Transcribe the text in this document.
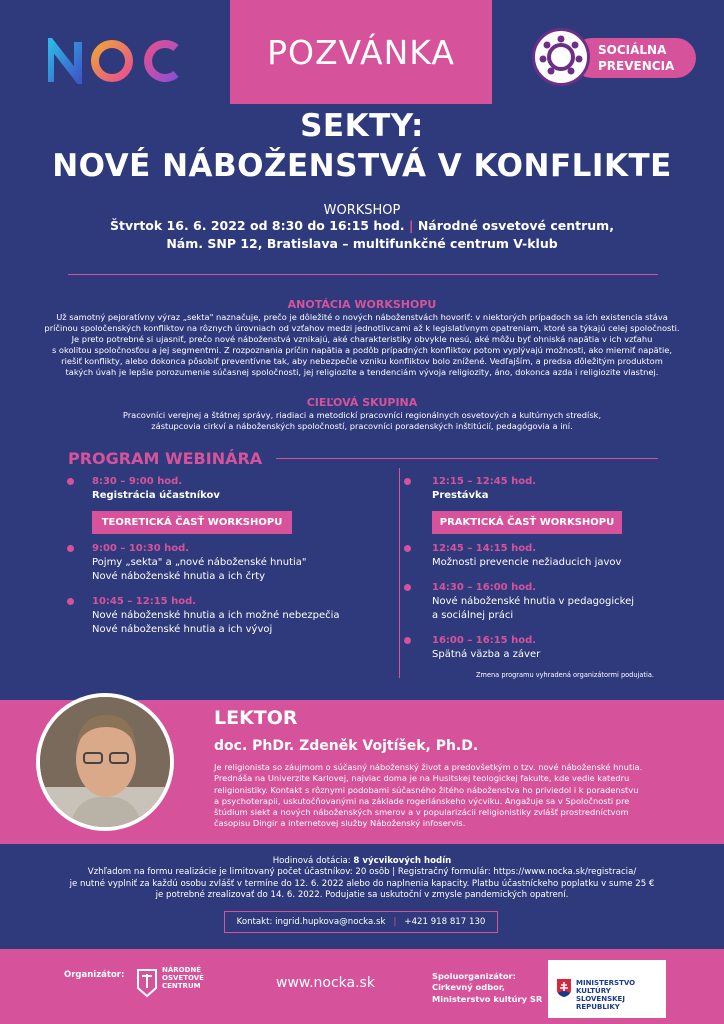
POZVÁNKA	SOCIÁLNA
PREVENCIA
SEKTY:
NOVÉ NÁBOŽENSTVÁ V KONFLIKTE
WORKSHOP
Štvrtok 16. 6. 2022 od 8:30 do 16:15 hod. | Národné osvetové centrum,
Nám. SNP 12, Bratislava – multifunkčné centrum V-klub
ANOTÁCIA WORKSHOPU
Už samotný pejoratívny výraz „sekta" naznačuje, prečo je dôležité o nových náboženstvách hovoriť: v niektorých prípadoch sa ich existencia stáva
príčinou spoločenských konfliktov na rôznych úrovniach od vzťahov medzi jednotlivcami až k legislatívnym opatreniam, ktoré sa týkajú celej spoločnosti.
Je preto potrebné si ujasniť, prečo nové náboženstvá vznikajú, aké charakteristiky obvykle nesú, aké môžu byť ohniská napätia v ich vzťahu
s okolitou spoločnosťou a jej segmentmi. Z rozpoznania príčin napätia a podôb prípadných konfliktov potom vyplývajú možnosti, ako mierniť napätie,
riešiť konflikty, alebo dokonca pôsobiť preventívne tak, aby nebezpečie vzniku konfliktov bolo znížené. Vedľajším, a predsa dôležitým produktom
takých úvah je lepšie porozumenie súčasnej spoločnosti, jej religiozite a tendenciám vývoja religiozity, áno, dokonca azda i religiozite vlastnej.
CIEĽOVÁ SKUPINA
Pracovníci verejnej a štátnej správy, riadiaci a metodickí pracovníci regionálnych osvetových a kultúrnych stredísk,
zástupcovia cirkví a náboženských spoločností, pracovníci poradenských inštitúcií, pedagógovia a iní.
PROGRAM WEBINÁRA
8:30 – 9:00 hod.
Registrácia účastníkov
TEORETICKÁ ČASŤ WORKSHOPU
9:00 – 10:30 hod.
Pojmy „sekta" a „nové náboženské hnutia"
Nové náboženské hnutia a ich črty
10:45 – 12:15 hod.
Nové náboženské hnutia a ich možné nebezpečia
Nové náboženské hnutia a ich vývoj
12:15 – 12:45 hod.
Prestávka
PRAKTICKÁ ČASŤ WORKSHOPU
12:45 – 14:15 hod.
Možnosti prevencie nežiaducich javov
14:30 – 16:00 hod.
Nové náboženské hnutia v pedagogickej
a sociálnej práci
16:00 – 16:15 hod.
Spätná väzba a záver
Zmena programu vyhradená organizátormi podujatia.
LEKTOR
doc. PhDr. Zdeněk Vojtíšek, Ph.D.
Je religionista so záujmom o súčasný náboženský život a predovšetkým o tzv. nové náboženské hnutia.
Prednáša na Univerzite Karlovej, najviac doma je na Husitskej teologickej fakulte, kde vedie katedru
religionistiky. Kontakt s rôznymi podobami súčasného žitého náboženstva ho priviedol i k poradenstvu
a psychoterapii, uskutočňovanými na základe rogeriánskeho výcviku. Angažuje sa v Spoločnosti pre
štúdium siekt a nových náboženských smerov a v popularizácii religionistiky zvlášť prostredníctvom
časopisu Dingir a internetovej služby Náboženský infoservis.
Hodinová dotácia: 8 výcvikových hodín
Vzhľadom na formu realizácie je limitovaný počet účastníkov: 20 osôb | Registračný formulár: https://www.nocka.sk/registracia/
je nutné vyplniť za každú osobu zvlášť v termíne do 12. 6. 2022 alebo do naplnenia kapacity. Platbu účastníckeho poplatku v sume 25 €
je potrebné zrealizovať do 14. 6. 2022. Podujatie sa uskutoční v zmysle pandemických opatrení.
Kontakt: ingrid.hupkova@nocka.sk | +421 918 817 130
Organizátor:	NÁRODNÉ
OSVETOVÉ
CENTRUM	www.nocka.sk	Spoluorganizátor:
Cirkevný odbor,
Ministerstvo kultúry SR
MINISTERSTVO
KULTÚRY
SLOVENSKEJ REPUBLIKY
